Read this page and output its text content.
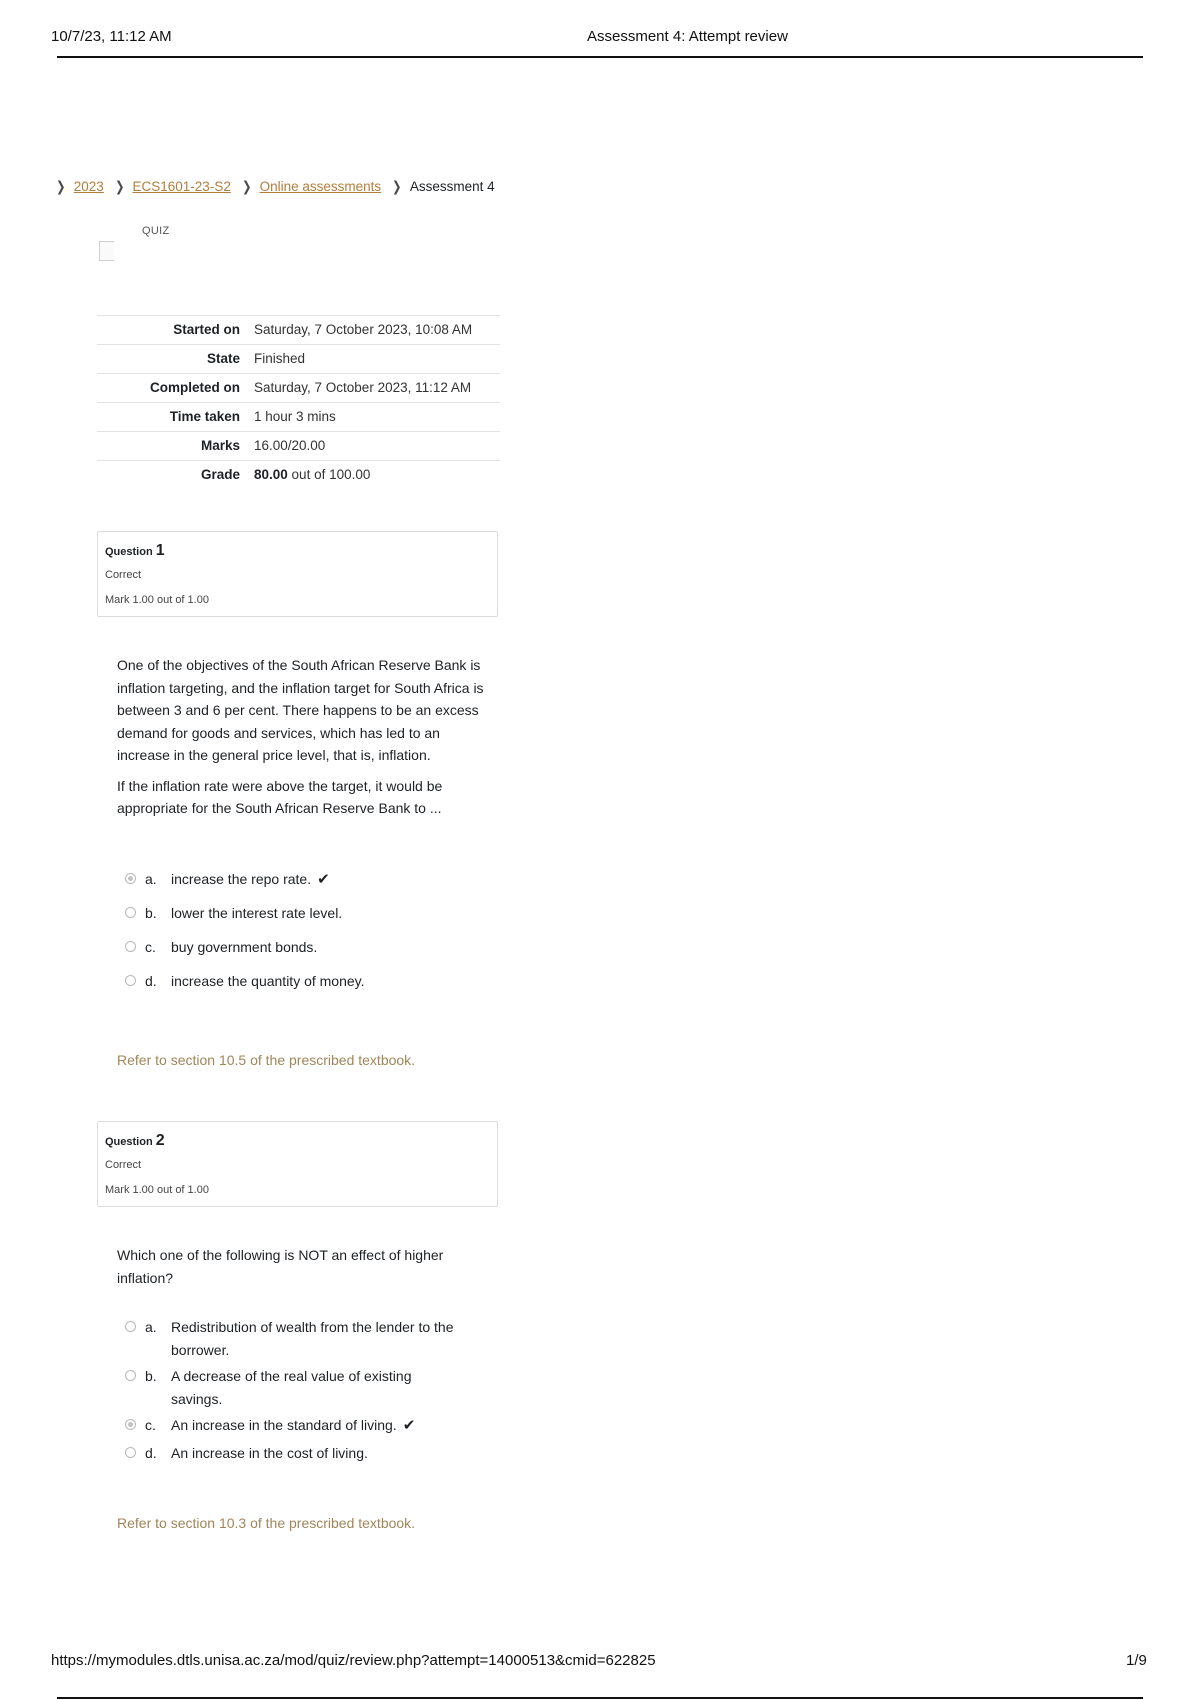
10/7/23, 11:12 AM	Assessment 4: Attempt review
❯ 2023 ❯ ECS1601-23-S2 ❯ Online assessments ❯ Assessment 4
QUIZ
Started on	Saturday, 7 October 2023, 10:08 AM
State	Finished
Completed on	Saturday, 7 October 2023, 11:12 AM
Time taken	1 hour 3 mins
Marks	16.00/20.00
Grade	80.00 out of 100.00
Question 1
Correct
Mark 1.00 out of 1.00

One of the objectives of the South African Reserve Bank is inflation targeting, and the inflation target for South Africa is between 3 and 6 per cent. There happens to be an excess demand for goods and services, which has led to an increase in the general price level, that is, inflation.

If the inflation rate were above the target, it would be appropriate for the South African Reserve Bank to ...

a.	increase the repo rate. ✔
b.	lower the interest rate level.
c.	buy government bonds.
d.	increase the quantity of money.
Refer to section 10.5 of the prescribed textbook.
Question 2
Correct
Mark 1.00 out of 1.00

Which one of the following is NOT an effect of higher inflation?

a.	Redistribution of wealth from the lender to the borrower.
b.	A decrease of the real value of existing savings.
c.	An increase in the standard of living. ✔
d.	An increase in the cost of living.
Refer to section 10.3 of the prescribed textbook.
https://mymodules.dtls.unisa.ac.za/mod/quiz/review.php?attempt=14000513&cmid=622825	1/9
